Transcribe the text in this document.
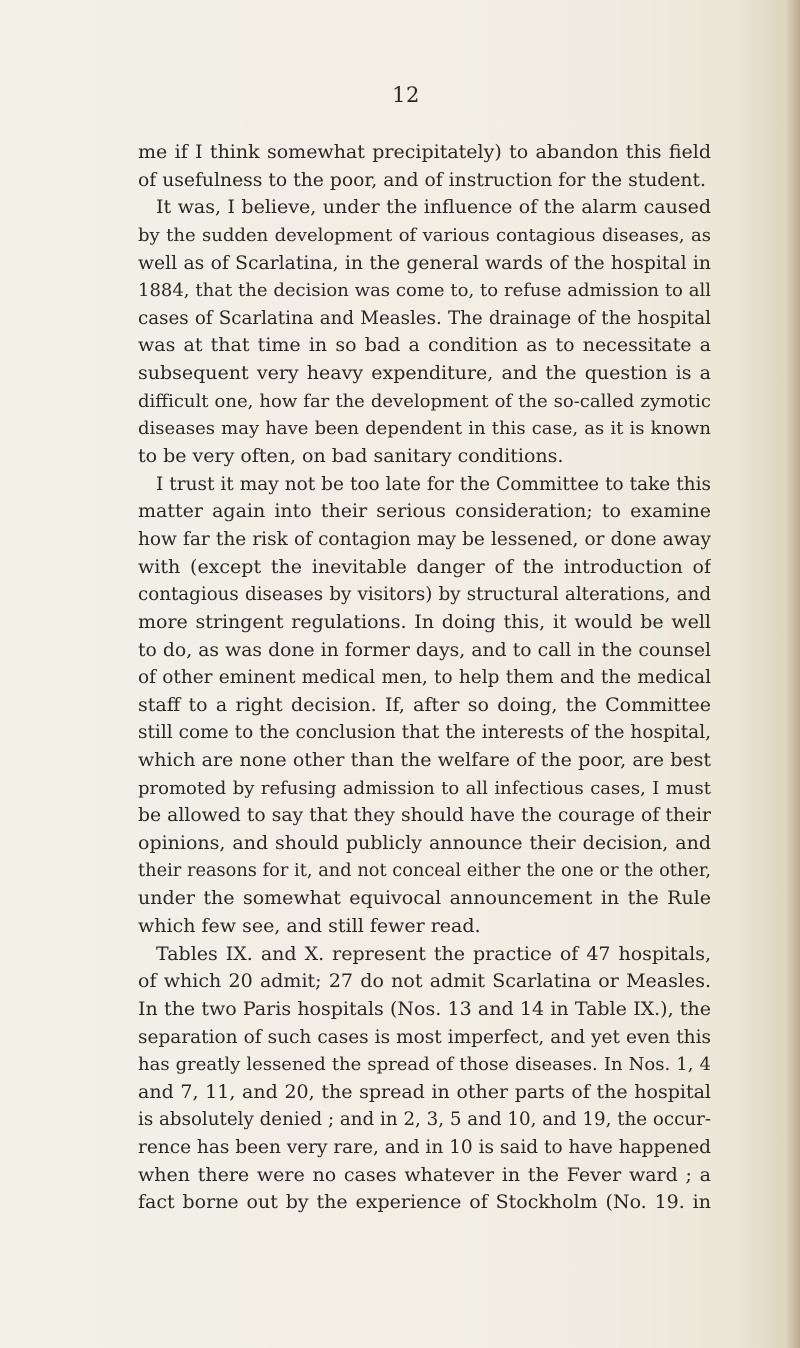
12
me if I think somewhat precipitately) to abandon this field
of usefulness to the poor, and of instruction for the student.
It was, I believe, under the influence of the alarm caused
by the sudden development of various contagious diseases, as
well as of Scarlatina, in the general wards of the hospital in
1884, that the decision was come to, to refuse admission to all
cases of Scarlatina and Measles. The drainage of the hospital
was at that time in so bad a condition as to necessitate a
subsequent very heavy expenditure, and the question is a
difficult one, how far the development of the so-called zymotic
diseases may have been dependent in this case, as it is known
to be very often, on bad sanitary conditions.
I trust it may not be too late for the Committee to take this
matter again into their serious consideration; to examine
how far the risk of contagion may be lessened, or done away
with (except the inevitable danger of the introduction of
contagious diseases by visitors) by structural alterations, and
more stringent regulations. In doing this, it would be well
to do, as was done in former days, and to call in the counsel
of other eminent medical men, to help them and the medical
staff to a right decision. If, after so doing, the Committee
still come to the conclusion that the interests of the hospital,
which are none other than the welfare of the poor, are best
promoted by refusing admission to all infectious cases, I must
be allowed to say that they should have the courage of their
opinions, and should publicly announce their decision, and
their reasons for it, and not conceal either the one or the other,
under the somewhat equivocal announcement in the Rule
which few see, and still fewer read.
Tables IX. and X. represent the practice of 47 hospitals,
of which 20 admit; 27 do not admit Scarlatina or Measles.
In the two Paris hospitals (Nos. 13 and 14 in Table IX.), the
separation of such cases is most imperfect, and yet even this
has greatly lessened the spread of those diseases. In Nos. 1, 4
and 7, 11, and 20, the spread in other parts of the hospital
is absolutely denied ; and in 2, 3, 5 and 10, and 19, the occur-
rence has been very rare, and in 10 is said to have happened
when there were no cases whatever in the Fever ward ; a
fact borne out by the experience of Stockholm (No. 19. in
